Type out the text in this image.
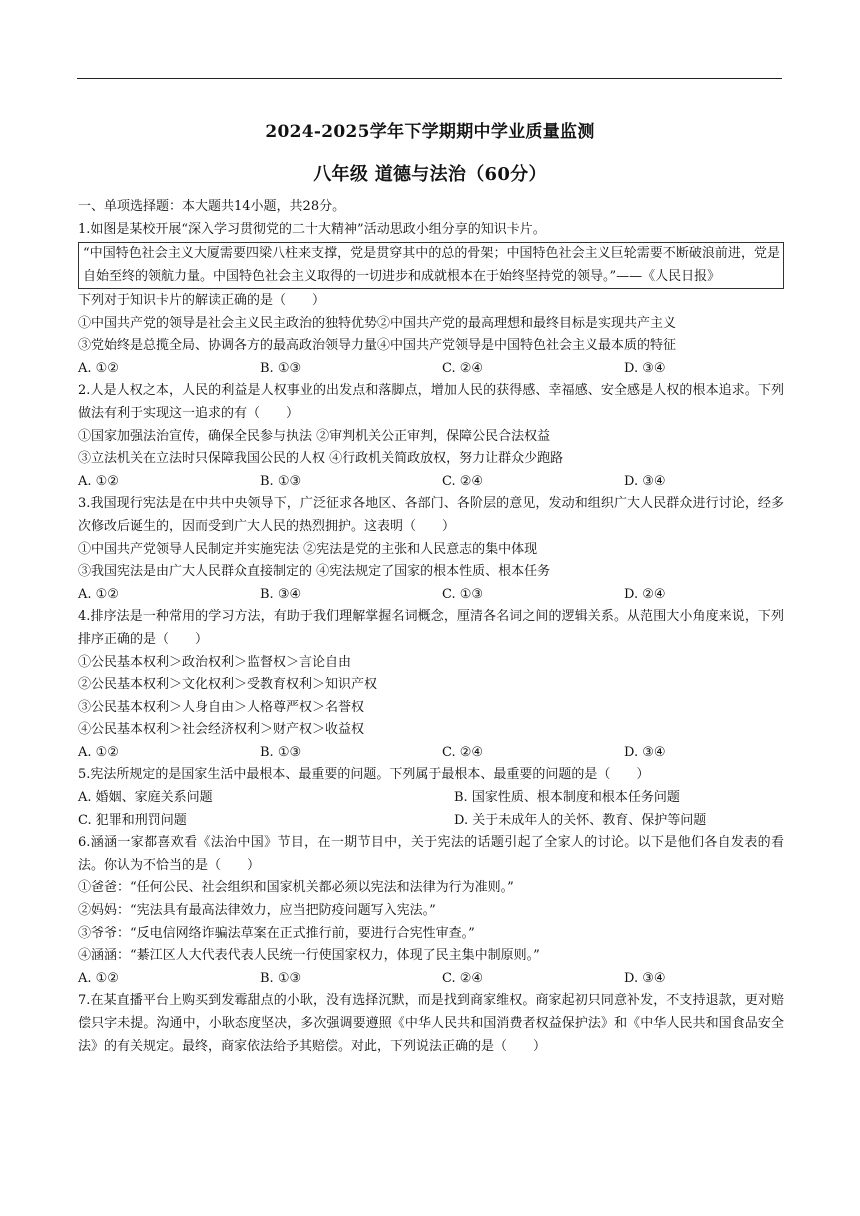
2024-2025学年下学期期中学业质量监测
八年级 道德与法治（60分）
一、单项选择题：本大题共14小题，共28分。
1.如图是某校开展“深入学习贯彻党的二十大精神”活动思政小组分享的知识卡片。
“中国特色社会主义大厦需要四梁八柱来支撑，党是贯穿其中的总的骨架；中国特色社会主义巨轮需要不断破浪前进，党是自始至终的领航力量。中国特色社会主义取得的一切进步和成就根本在于始终坚持党的领导。”——《人民日报》
下列对于知识卡片的解读正确的是（　　）
①中国共产党的领导是社会主义民主政治的独特优势②中国共产党的最高理想和最终目标是实现共产主义
③党始终是总揽全局、协调各方的最高政治领导力量④中国共产党领导是中国特色社会主义最本质的特征
A. ①②	B. ①③	C. ②④	D. ③④
2.人是人权之本，人民的利益是人权事业的出发点和落脚点，增加人民的获得感、幸福感、安全感是人权的根本追求。下列做法有利于实现这一追求的有（　　）
①国家加强法治宣传，确保全民参与执法 ②审判机关公正审判，保障公民合法权益
③立法机关在立法时只保障我国公民的人权 ④行政机关简政放权，努力让群众少跑路
A. ①②	B. ①③	C. ②④	D. ③④
3.我国现行宪法是在中共中央领导下，广泛征求各地区、各部门、各阶层的意见，发动和组织广大人民群众进行讨论，经多次修改后诞生的，因而受到广大人民的热烈拥护。这表明（　　）
①中国共产党领导人民制定并实施宪法 ②宪法是党的主张和人民意志的集中体现
③我国宪法是由广大人民群众直接制定的 ④宪法规定了国家的根本性质、根本任务
A. ①②	B. ③④	C. ①③	D. ②④
4.排序法是一种常用的学习方法，有助于我们理解掌握名词概念，厘清各名词之间的逻辑关系。从范围大小角度来说，下列排序正确的是（　　）
①公民基本权利＞政治权利＞监督权＞言论自由
②公民基本权利＞文化权利＞受教育权利＞知识产权
③公民基本权利＞人身自由＞人格尊严权＞名誉权
④公民基本权利＞社会经济权利＞财产权＞收益权
A. ①②	B. ①③	C. ②④	D. ③④
5.宪法所规定的是国家生活中最根本、最重要的问题。下列属于最根本、最重要的问题的是（　　）
A. 婚姻、家庭关系问题	B. 国家性质、根本制度和根本任务问题
C. 犯罪和刑罚问题	D. 关于未成年人的关怀、教育、保护等问题
6.涵涵一家都喜欢看《法治中国》节目，在一期节目中，关于宪法的话题引起了全家人的讨论。以下是他们各自发表的看法。你认为不恰当的是（　　）
①爸爸：“任何公民、社会组织和国家机关都必须以宪法和法律为行为准则。”
②妈妈：“宪法具有最高法律效力，应当把防疫问题写入宪法。”
③爷爷：“反电信网络诈骗法草案在正式推行前，要进行合宪性审查。”
④涵涵：“綦江区人大代表代表人民统一行使国家权力，体现了民主集中制原则。”
A. ①②	B. ①③	C. ②④	D. ③④
7.在某直播平台上购买到发霉甜点的小耿，没有选择沉默，而是找到商家维权。商家起初只同意补发，不支持退款，更对赔偿只字未提。沟通中，小耿态度坚决，多次强调要遵照《中华人民共和国消费者权益保护法》和《中华人民共和国食品安全法》的有关规定。最终，商家依法给予其赔偿。对此，下列说法正确的是（　　）
